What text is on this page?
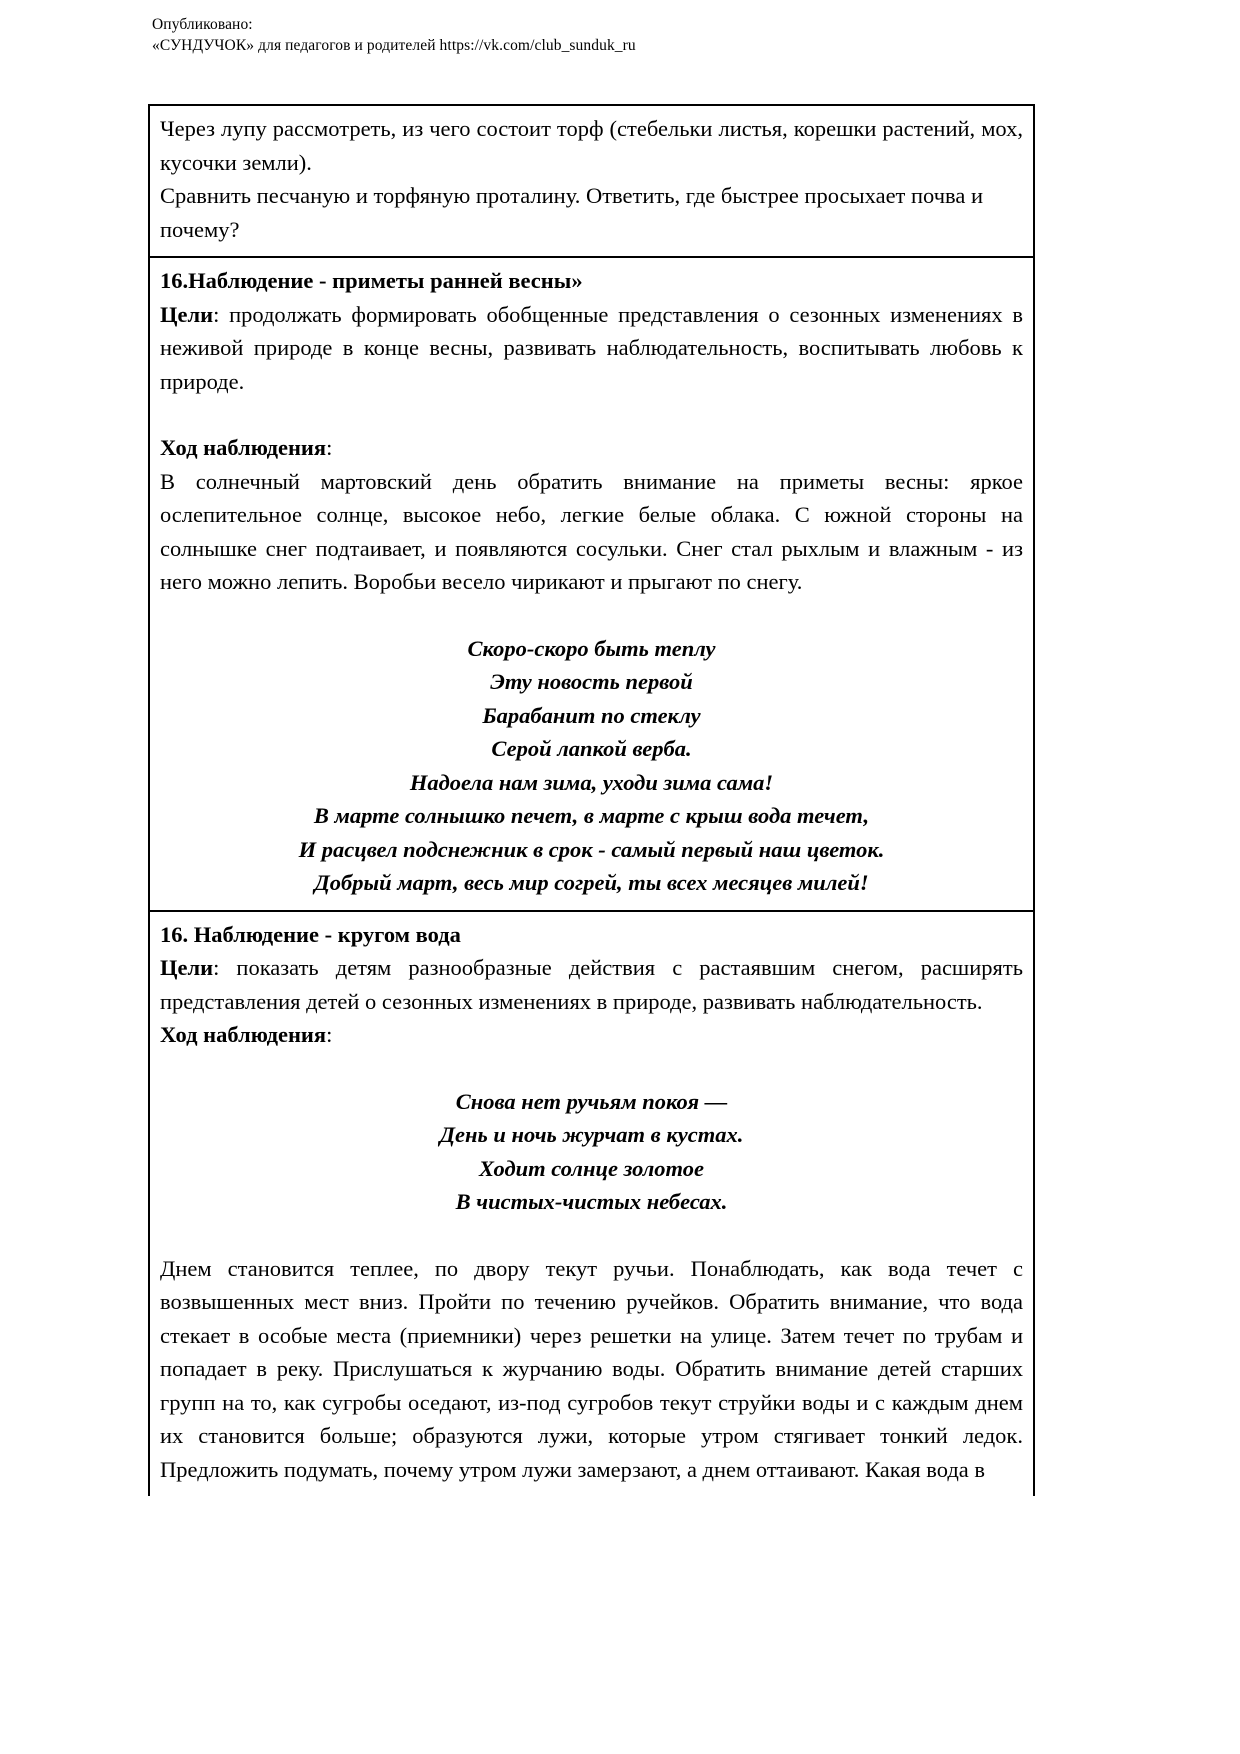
Опубликовано:
«СУНДУЧОК» для педагогов и родителей https://vk.com/club_sunduk_ru

Через лупу рассмотреть, из чего состоит торф (стебельки листья, корешки растений, мох, кусочки земли).

Сравнить песчаную и торфяную проталину. Ответить, где быстрее просыхает почва и почему?

16.Наблюдение - приметы ранней весны»

Цели: продолжать формировать обобщенные представления о сезонных изменениях в неживой природе в конце весны, развивать наблюдательность, воспитывать любовь к природе.

Ход наблюдения:

В солнечный мартовский день обратить внимание на приметы весны: яркое ослепительное солнце, высокое небо, легкие белые облака. С южной стороны на солнышке снег подтаивает, и появляются сосульки. Снег стал рыхлым и влажным - из него можно лепить. Воробьи весело чирикают и прыгают по снегу.

Скоро-скоро быть теплу
Эту новость первой
Барабанит по стеклу
Серой лапкой верба.
Надоела нам зима, уходи зима сама!
В марте солнышко печет, в марте с крыш вода течет,
И расцвел подснежник в срок - самый первый наш цветок.
Добрый март, весь мир согрей, ты всех месяцев милей!

16. Наблюдение - кругом вода

Цели: показать детям разнообразные действия с растаявшим снегом, расширять представления детей о сезонных изменениях в природе, развивать наблюдательность.

Ход наблюдения:

Снова нет ручьям покоя —
День и ночь журчат в кустах.
Ходит солнце золотое
В чистых-чистых небесах.

Днем становится теплее, по двору текут ручьи. Понаблюдать, как вода течет с возвышенных мест вниз. Пройти по течению ручейков. Обратить внимание, что вода стекает в особые места (приемники) через решетки на улице. Затем течет по трубам и попадает в реку. Прислушаться к журчанию воды. Обратить внимание детей старших групп на то, как сугробы оседают, из-под сугробов текут струйки воды и с каждым днем их становится больше; образуются лужи, которые утром стягивает тонкий ледок. Предложить подумать, почему утром лужи замерзают, а днем оттаивают. Какая вода в
